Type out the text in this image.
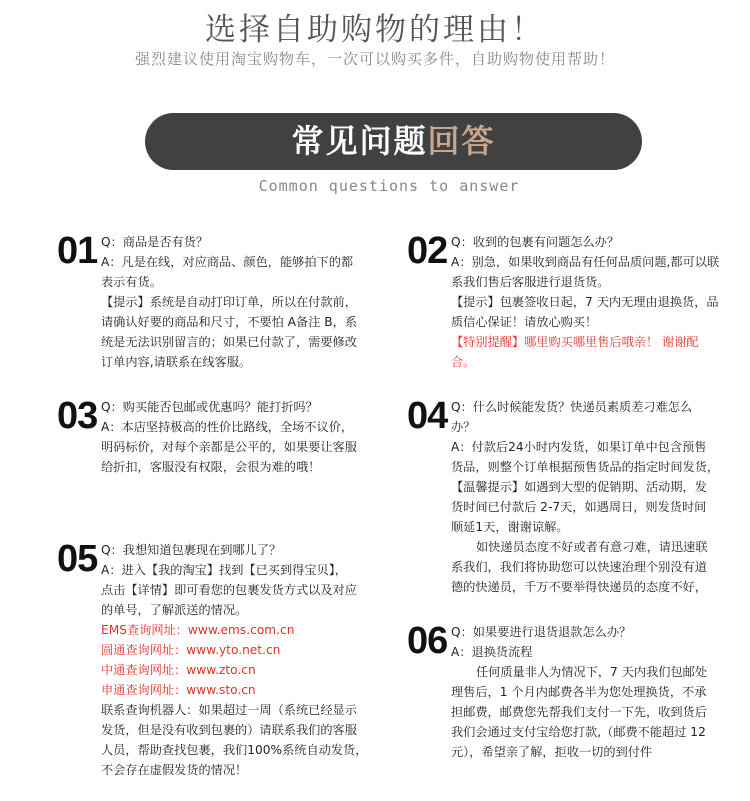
选择自助购物的理由！
强烈建议使用淘宝购物车，一次可以购买多件，自助购物使用帮助！
常见问题回答
Common questions to answer
01 Q：商品是否有货？
A：凡是在线，对应商品、颜色，能够拍下的都
表示有货。
【提示】系统是自动打印订单，所以在付款前，
请确认好要的商品和尺寸，不要怕 A备注 B，系
统是无法识别留言的；如果已付款了，需要修改
订单内容,请联系在线客服。
02 Q：收到的包裹有问题怎么办？
A：别急，如果收到商品有任何品质问题,都可以联
系我们售后客服进行退货货。
【提示】包裹签收日起，7 天内无理由退换货，品
质信心保证！请放心购买！
【特别提醒】哪里购买哪里售后哦亲！ 谢谢配
合。
03 Q：购买能否包邮或优惠吗？能打折吗？
A：本店坚持极高的性价比路线，全场不议价，
明码标价，对每个亲都是公平的，如果要让客服
给折扣，客服没有权限，会很为难的哦！
04 Q：什么时候能发货？快递员素质差刁难怎么
办？
A：付款后24小时内发货，如果订单中包含预售
货品，则整个订单根据预售货品的指定时间发货，
【温馨提示】如遇到大型的促销期、活动期，发
货时间已付款后 2-7天，如遇周日，则发货时间
顺延1天，谢谢谅解。
如快递员态度不好或者有意刁难，请迅速联
系我们，我们将协助您可以快速治理个别没有道
德的快递员，千万不要举得快递员的态度不好，
05 Q：我想知道包裹现在到哪儿了？
A：进入【我的淘宝】找到【已买到得宝贝】，
点击【详情】即可看您的包裹发货方式以及对应
的单号，了解派送的情况。
EMS查询网址：www.ems.com.cn
圆通查询网址：www.yto.net.cn
中通查询网址：www.zto.cn
申通查询网址：www.sto.cn
联系查询机器人：如果超过一周（系统已经显示
发货，但是没有收到包裹的）请联系我们的客服
人员，帮助查找包裹，我们100%系统自动发货，
不会存在虚假发货的情况！
06 Q：如果要进行退货退款怎么办？
A：退换货流程
任何质量非人为情况下，7 天内我们包邮处
理售后，1 个月内邮费各半为您处理换货，不承
担邮费，邮费您先帮我们支付一下先，收到货后
我们会通过支付宝给您打款,（邮费不能超过 12
元），希望亲了解，拒收一切的到付件
